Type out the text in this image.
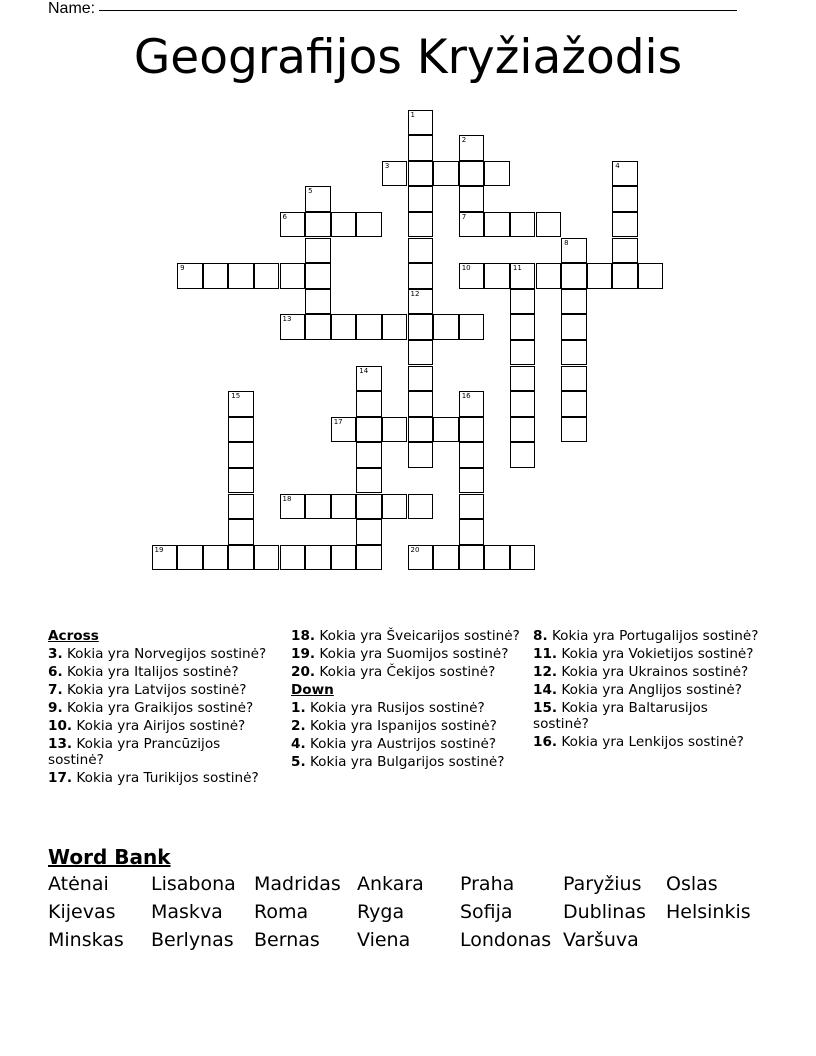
Name:
Geografijos Kryžiažodis
1
12
2
7
3	4
5
6
8
9	10	11
13
14
15	16
17
18
19	20
Across
3. Kokia yra Norvegijos sostinė?
6. Kokia yra Italijos sostinė?
7. Kokia yra Latvijos sostinė?
9. Kokia yra Graikijos sostinė?
10. Kokia yra Airijos sostinė?
13. Kokia yra Prancūzijos sostinė?
17. Kokia yra Turikijos sostinė?
18. Kokia yra Šveicarijos sostinė?
19. Kokia yra Suomijos sostinė?
20. Kokia yra Čekijos sostinė?
Down
1. Kokia yra Rusijos sostinė?
2. Kokia yra Ispanijos sostinė?
4. Kokia yra Austrijos sostinė?
5. Kokia yra Bulgarijos sostinė?
8. Kokia yra Portugalijos sostinė?
11. Kokia yra Vokietijos sostinė?
12. Kokia yra Ukrainos sostinė?
14. Kokia yra Anglijos sostinė?
15. Kokia yra Baltarusijos sostinė?
16. Kokia yra Lenkijos sostinė?
Word Bank
Atėnai	Lisabona Madridas Ankara	Praha	Paryžius	Oslas
Kijevas	Maskva	Roma	Ryga	Sofija	Dublinas	Helsinkis
Minskas	Berlynas	Bernas	Viena	Londonas Varšuva
